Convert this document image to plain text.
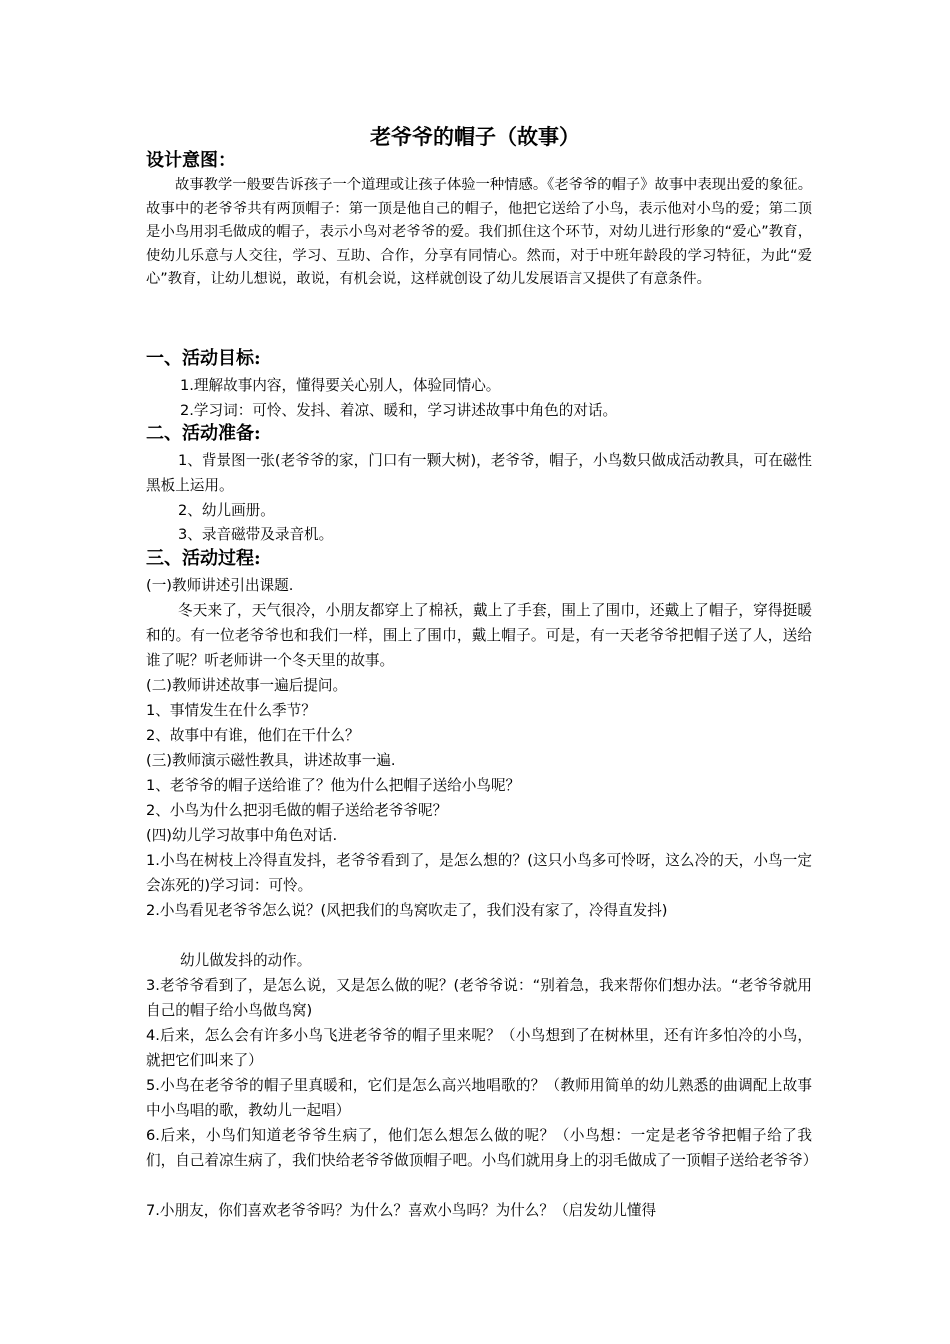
老爷爷的帽子（故事）
设计意图：
故事教学一般要告诉孩子一个道理或让孩子体验一种情感。《老爷爷的帽子》故事中表现出爱的象征。故事中的老爷爷共有两顶帽子：第一顶是他自己的帽子，他把它送给了小鸟，表示他对小鸟的爱；第二顶是小鸟用羽毛做成的帽子，表示小鸟对老爷爷的爱。我们抓住这个环节，对幼儿进行形象的“爱心”教育，使幼儿乐意与人交往，学习、互助、合作，分享有同情心。然而，对于中班年龄段的学习特征，为此“爱心”教育，让幼儿想说，敢说，有机会说，这样就创设了幼儿发展语言又提供了有意条件。
一、活动目标:
1.理解故事内容，懂得要关心别人，体验同情心。
2.学习词：可怜、发抖、着凉、暖和，学习讲述故事中角色的对话。
二、活动准备:
1、背景图一张(老爷爷的家，门口有一颗大树)，老爷爷，帽子，小鸟数只做成活动教具，可在磁性黑板上运用。
2、幼儿画册。
3、录音磁带及录音机。
三、活动过程:
(一)教师讲述引出课题.
冬天来了，天气很冷，小朋友都穿上了棉袄，戴上了手套，围上了围巾，还戴上了帽子，穿得挺暖和的。有一位老爷爷也和我们一样，围上了围巾，戴上帽子。可是，有一天老爷爷把帽子送了人，送给谁了呢？听老师讲一个冬天里的故事。
(二)教师讲述故事一遍后提问。
1、事情发生在什么季节？
2、故事中有谁，他们在干什么？
(三)教师演示磁性教具，讲述故事一遍.
1、老爷爷的帽子送给谁了？他为什么把帽子送给小鸟呢？
2、小鸟为什么把羽毛做的帽子送给老爷爷呢？
(四)幼儿学习故事中角色对话.
1.小鸟在树枝上冷得直发抖，老爷爷看到了，是怎么想的？(这只小鸟多可怜呀，这么冷的天，小鸟一定会冻死的)学习词：可怜。
2.小鸟看见老爷爷怎么说？(风把我们的鸟窝吹走了，我们没有家了，冷得直发抖)
幼儿做发抖的动作。
3.老爷爷看到了，是怎么说，又是怎么做的呢？(老爷爷说：“别着急，我来帮你们想办法。“老爷爷就用自己的帽子给小鸟做鸟窝)
4.后来，怎么会有许多小鸟飞进老爷爷的帽子里来呢？（小鸟想到了在树林里，还有许多怕冷的小鸟，就把它们叫来了）
5.小鸟在老爷爷的帽子里真暖和，它们是怎么高兴地唱歌的？（教师用简单的幼儿熟悉的曲调配上故事中小鸟唱的歌，教幼儿一起唱）
6.后来，小鸟们知道老爷爷生病了，他们怎么想怎么做的呢？（小鸟想：一定是老爷爷把帽子给了我们，自己着凉生病了，我们快给老爷爷做顶帽子吧。小鸟们就用身上的羽毛做成了一顶帽子送给老爷爷）
7.小朋友，你们喜欢老爷爷吗？为什么？喜欢小鸟吗？为什么？（启发幼儿懂得
